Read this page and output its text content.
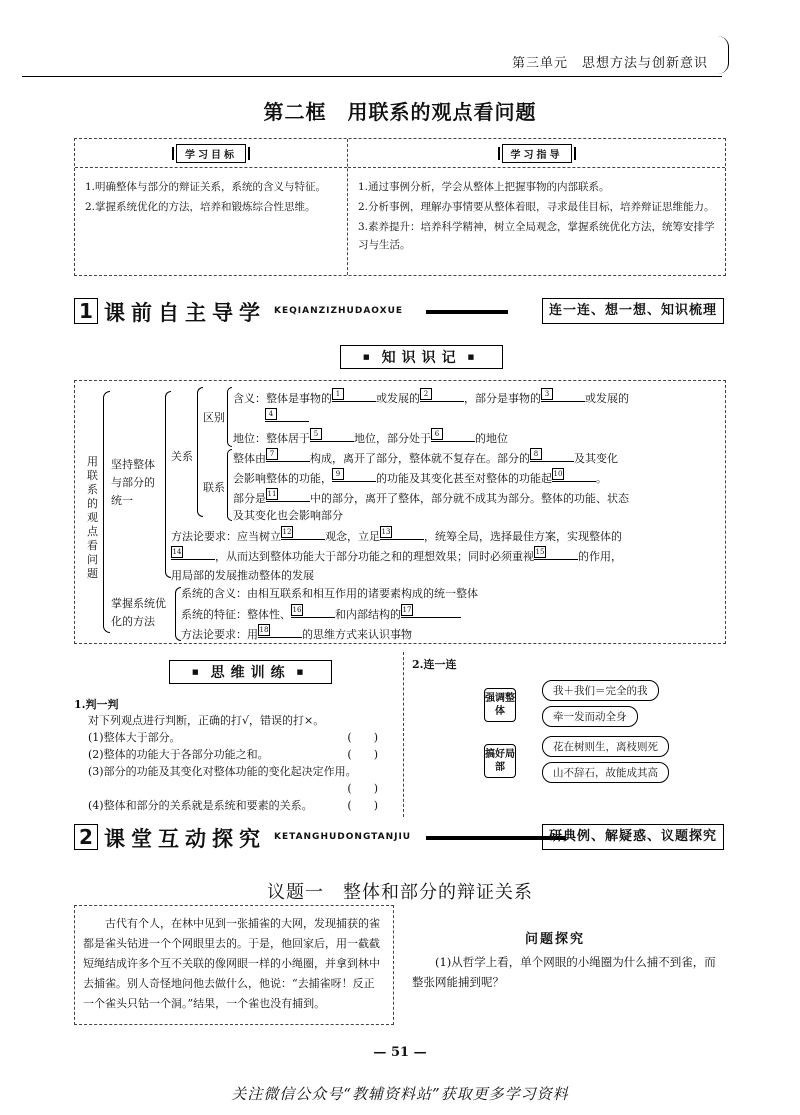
第三单元　思想方法与创新意识
第二框　用联系的观点看问题
学习目标
1.明确整体与部分的辩证关系，系统的含义与特征。
2.掌握系统优化的方法，培养和锻炼综合性思维。
学习指导
1.通过事例分析，学会从整体上把握事物的内部联系。
2.分析事例，理解办事情要从整体着眼，寻求最佳目标，培养辩证思维能力。
3.素养提升：培养科学精神，树立全局观念，掌握系统优化方法，统筹安排学习与生活。
1 课前自主导学 KEQIANZIZHUDAOXUE	连一连、想一想、知识梳理
■ 知识识记 ■
用联系的观点看问题
坚持整体与部分的统一
关系
区别
含义：整体是事物的 1	或发展的 2	，部分是事物的 3	或发展的
4
地位：整体居于 5	地位，部分处于 6	的地位
联系
整体由 7	构成，离开了部分，整体就不复存在。部分的 8	及其变化
会影响整体的功能， 9	的功能及其变化甚至对整体的功能起 10	。
部分是 11	中的部分，离开了整体，部分就不成其为部分。整体的功能、状态
及其变化也会影响部分
方法论要求：应当树立 12	观念，立足 13	，统筹全局，选择最佳方案，实现整体的
14	，从而达到整体功能大于部分功能之和的理想效果；同时必须重视 15	的作用，
用局部的发展推动整体的发展
掌握系统优化的方法
系统的含义：由相互联系和相互作用的诸要素构成的统一整体
系统的特征：整体性、 16	和内部结构的 17
方法论要求：用 18	的思维方式来认识事物
■ 思维训练 ■
1.判一判
对下列观点进行判断，正确的打√，错误的打×。
(1)整体大于部分。	(　　)
(2)整体的功能大于各部分功能之和。	(　　)
(3)部分的功能及其变化对整体功能的变化起决定作用。
(　　)
(4)整体和部分的关系就是系统和要素的关系。	(　　)
2.连一连
强调整体
搞好局部
我＋我们＝完全的我
牵一发而动全身
花在树则生，离枝则死
山不辞石，故能成其高
2 课堂互动探究 KETANGHUDONGTANJIU	研典例、解疑惑、议题探究
议题一　整体和部分的辩证关系
古代有个人，在林中见到一张捕雀的大网，发现捕获的雀都是雀头钻进一个个网眼里去的。于是，他回家后，用一截截短绳结成许多个互不关联的像网眼一样的小绳圈，并拿到林中去捕雀。别人奇怪地问他去做什么，他说：“去捕雀呀！反正一个雀头只钻一个洞。”结果，一个雀也没有捕到。
问题探究
(1)从哲学上看，单个网眼的小绳圈为什么捕不到雀，而整张网能捕到呢？
— 51 —
关注微信公众号“教辅资料站”获取更多学习资料
